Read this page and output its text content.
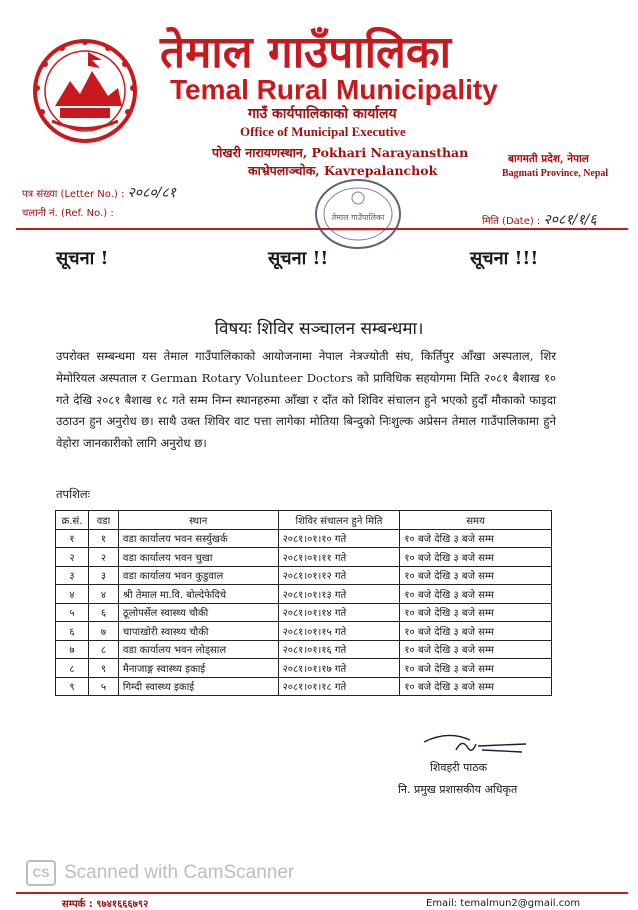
तेमाल गाउँपालिका
Temal Rural Municipality
गाउँ कार्यपालिकाको कार्यालय
Office of Municipal Executive
पोखरी नारायणस्थान, Pokhari Narayansthan
काभ्रेपलाञ्चोक, Kavrepalanchok
बागमती प्रदेश, नेपाल
Bagmati Province, Nepal
पत्र संख्या (Letter No.) : २०८०/८१
चलानी नं. (Ref. No.) :	तेमाल गाउँपालिका	मिति (Date) : २०८१/१/६
सूचना !	सूचना !!	सूचना !!!
विषयः शिविर सञ्चालन सम्बन्धमा।
उपरोक्त सम्बन्धमा यस तेमाल गाउँपालिकाको आयोजनामा नेपाल नेत्रज्योती संघ, किर्तिपुर आँखा अस्पताल, शिर मेमोरियल अस्पताल र German Rotary Volunteer Doctors को प्राविधिक सहयोगमा मिति २०८१ बैशाख १० गते देखि २०८१ बैशाख १८ गते सम्म निम्न स्थानहरुमा आँखा र दाँत को शिविर संचालन हुने भएको हुदाँ मौकाको फाइदा उठाउन हुन अनुरोध छ। साथै उक्त शिविर वाट पत्ता लागेका मोतिया बिन्दुको निःशुल्क अप्रेसन तेमाल गाउँपालिकामा हुने वेहोरा जानकारीको लागि अनुरोध छ।
तपशिलः
क्र.सं.	वडा	स्थान	शिविर संचालन हुने मिति	समय
१	१	वडा कार्यालय भवन सर्स्युखर्क	२०८१।०१।१० गते	१० बजे देखि ३ बजे सम्म
२	२	वडा कार्यालय भवन चुखा	२०८१।०१।११ गते	१० बजे देखि ३ बजे सम्म
३	३	वडा कार्यालय भवन कुडुवाल	२०८१।०१।१२ गते	१० बजे देखि ३ बजे सम्म
४	४	श्री तेमाल मा.वि. बोल्देफेदिचे	२०८१।०१।१३ गते	१० बजे देखि ३ बजे सम्म
५	६	ठूलोपर्सेल स्वास्थ्य चौकी	२०८१।०१।१४ गते	१० बजे देखि ३ बजे सम्म
६	७	चापाखोरी स्वास्थ्य चौकी	२०८१।०१।१५ गते	१० बजे देखि ३ बजे सम्म
७	८	वडा कार्यालय भवन लोड्साल	२०८१।०१।१६ गते	१० बजे देखि ३ बजे सम्म
८	९	मैनाजाङ्ग स्वास्थ्य इकाई	२०८१।०१।१७ गते	१० बजे देखि ३ बजे सम्म
९	५	गिम्दी स्वास्थ्य इकाई	२०८१।०१।१८ गते	१० बजे देखि ३ बजे सम्म
शिवहरी पाठक
नि. प्रमुख प्रशासकीय अधिकृत
CS Scanned with CamScanner
सम्पर्क : ९७४१६६६७९२	Email: temalmun2@gmail.com
